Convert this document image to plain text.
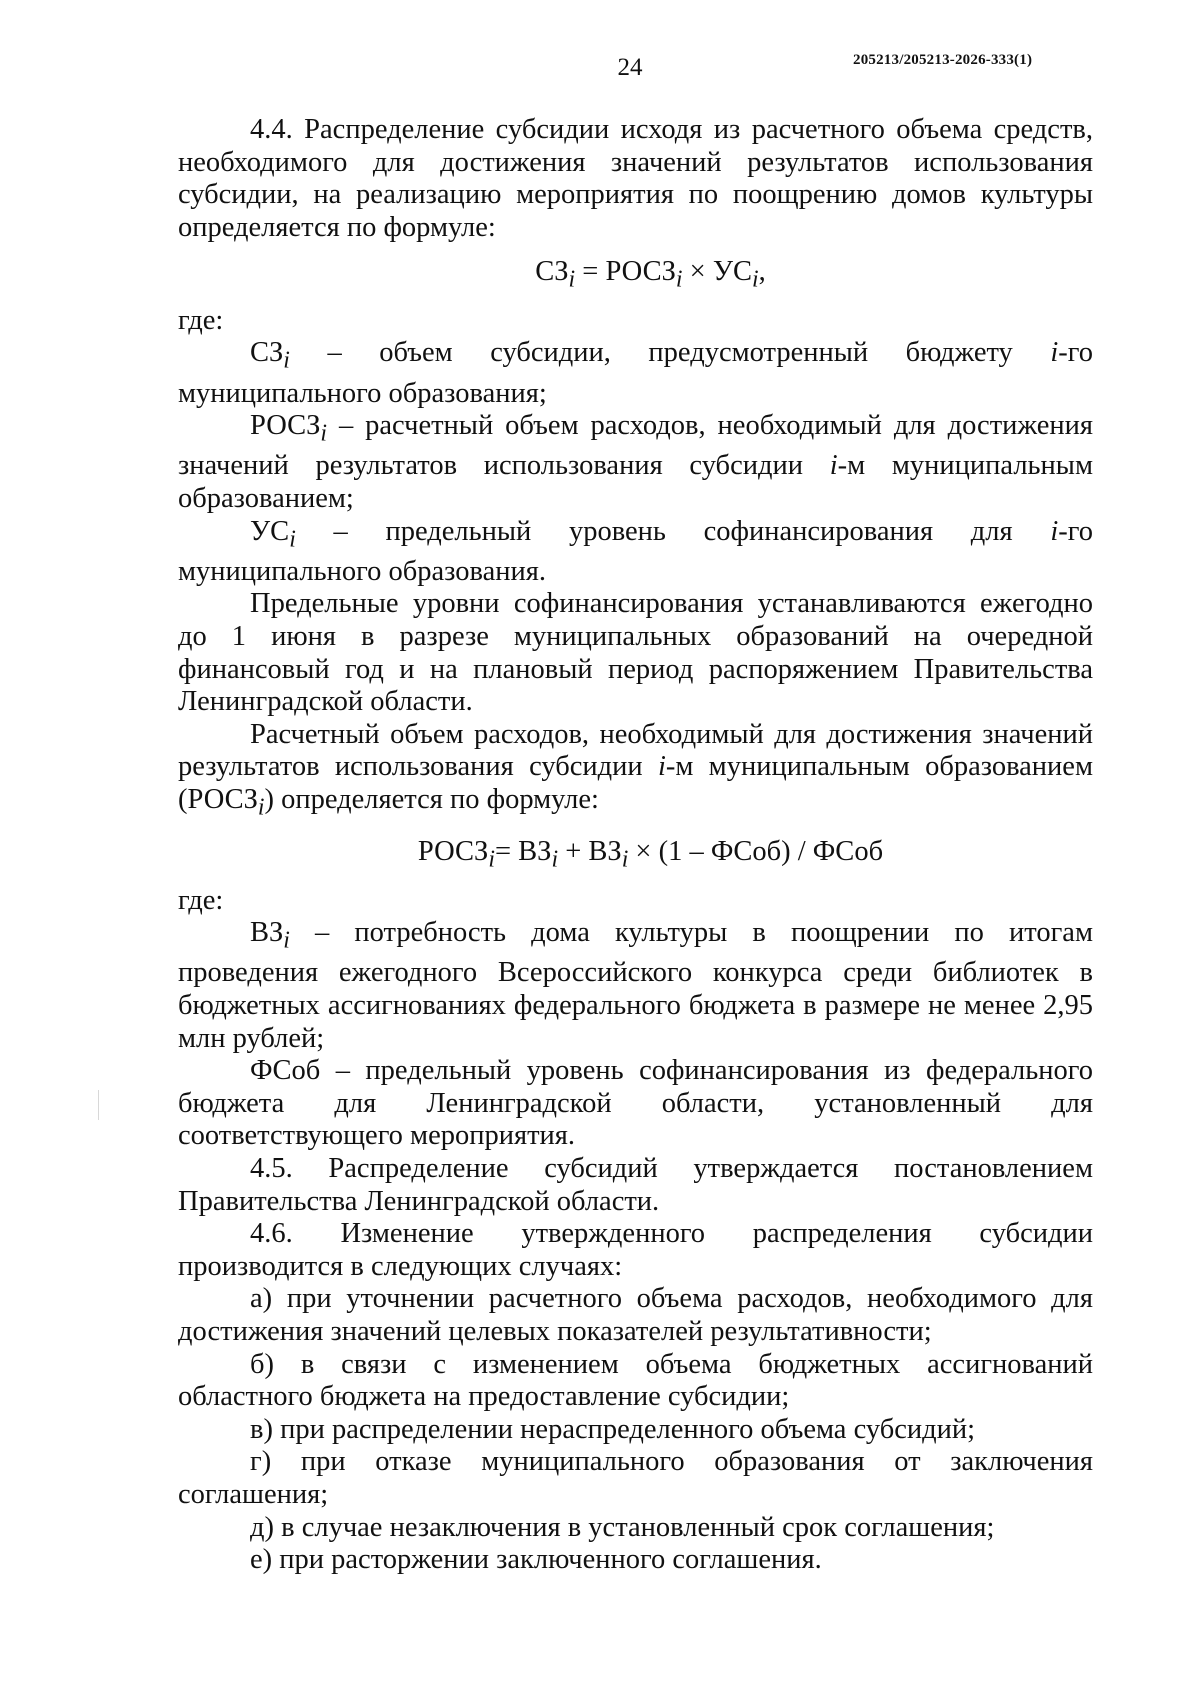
24	205213/205213-2026-333(1)

4.4. Распределение субсидии исходя из расчетного объема средств, необходимого для достижения значений результатов использования субсидии, на реализацию мероприятия по поощрению домов культуры определяется по формуле:

$СЗ_i$ = $РОСЗ_i \times УС_i$,

где:

$СЗ_i$ – объем субсидии, предусмотренный бюджету i-го муниципального образования;

$РОСЗ_i$ – расчетный объем расходов, необходимый для достижения значений результатов использования субсидии i-м муниципальным образованием;

$УС_i$ – предельный уровень софинансирования для i-го муниципального образования.

Предельные уровни софинансирования устанавливаются ежегодно до 1 июня в разрезе муниципальных образований на очередной финансовый год и на плановый период распоряжением Правительства Ленинградской области.

Расчетный объем расходов, необходимый для достижения значений результатов использования субсидии i-м муниципальным образованием $(РОСЗ_i)$ определяется по формуле:

$РОСЗ_i= ВЗ_i + ВЗ_i \times (1$ – ФСоб) / ФСоб

где:

$ВЗ_i$ – потребность дома культуры в поощрении по итогам проведения ежегодного Всероссийского конкурса среди библиотек в бюджетных ассигнованиях федерального бюджета в размере не менее 2,95 млн рублей;

ФСоб – предельный уровень софинансирования из федерального бюджета для Ленинградской области, установленный для соответствующего мероприятия.

4.5. Распределение субсидий утверждается постановлением Правительства Ленинградской области.

4.6. Изменение утвержденного распределения субсидии производится в следующих случаях:

а) при уточнении расчетного объема расходов, необходимого для достижения значений целевых показателей результативности;

б) в связи с изменением объема бюджетных ассигнований областного бюджета на предоставление субсидии;

в) при распределении нераспределенного объема субсидий;

г) при отказе муниципального образования от заключения соглашения;

д) в случае незаключения в установленный срок соглашения;

е) при расторжении заключенного соглашения.
